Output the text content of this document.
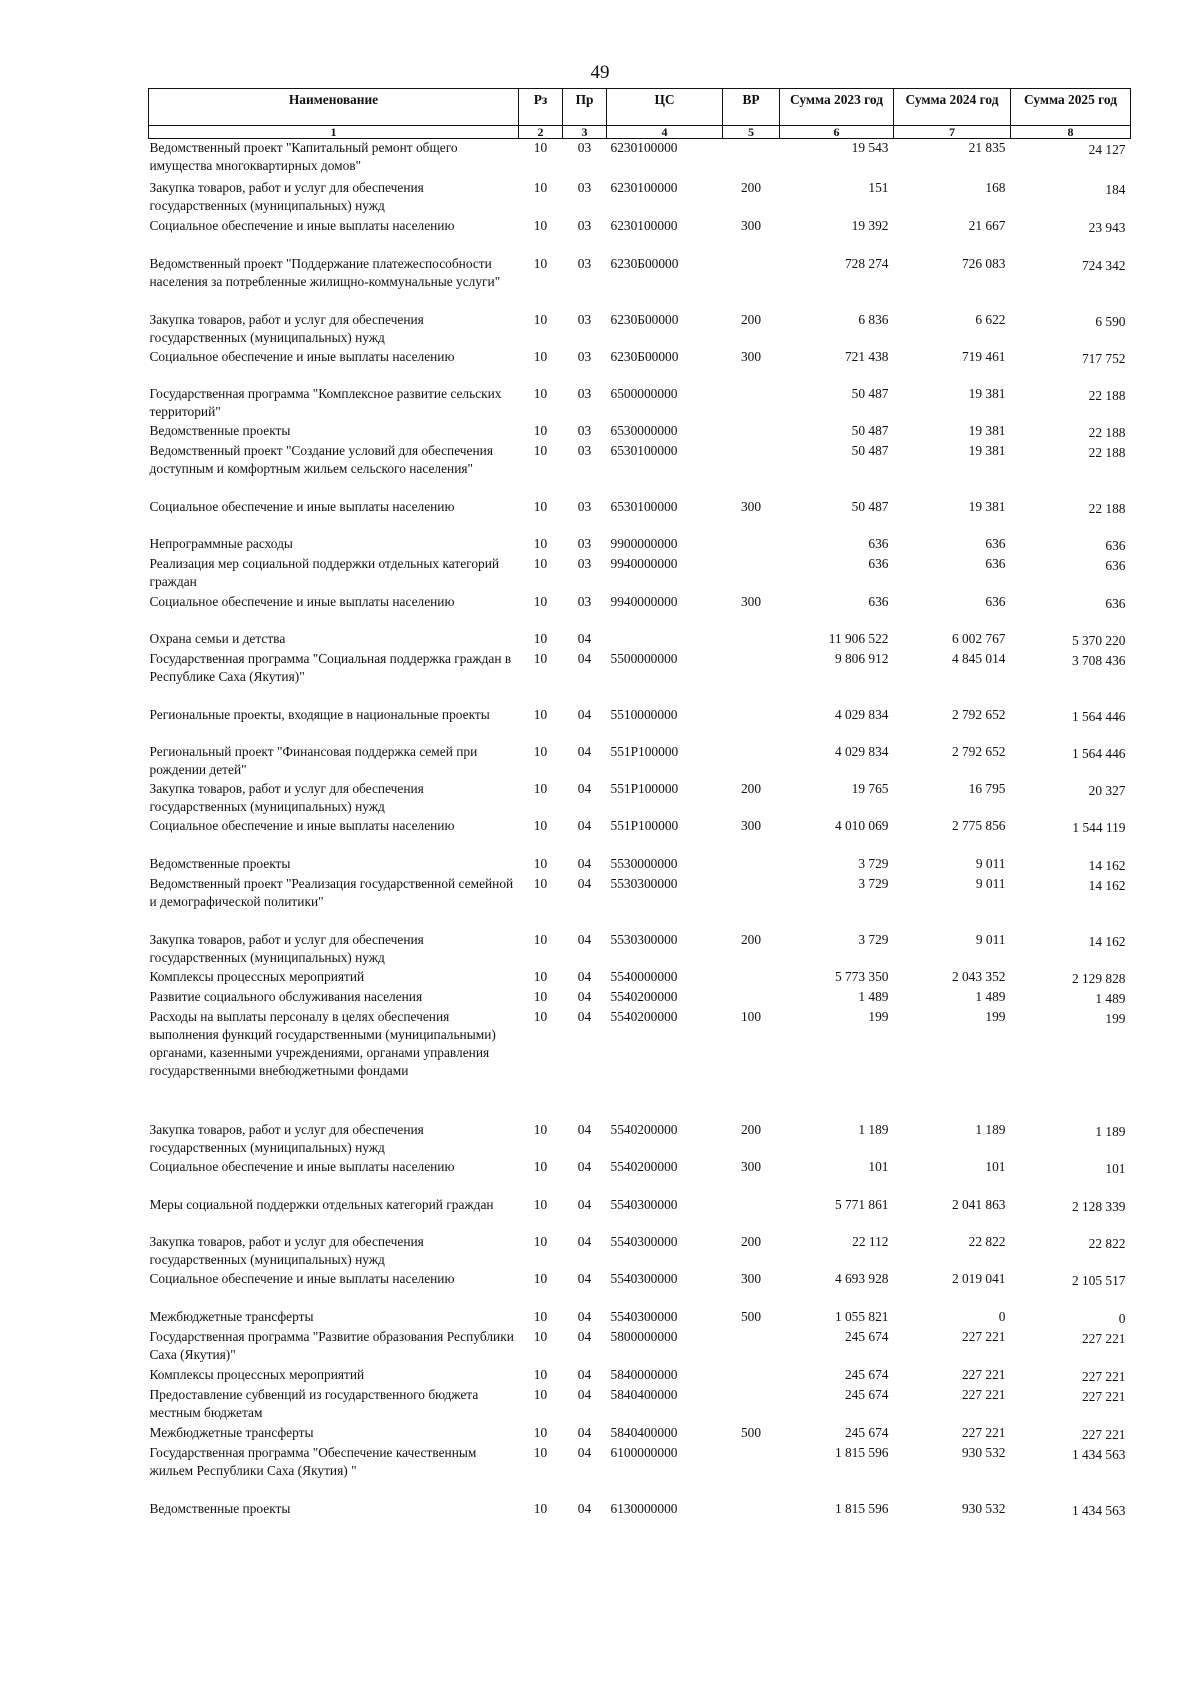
49
Наименование	Рз	Пр	ЦС	ВР	Сумма 2023 год	Сумма 2024 год	Сумма 2025 год
1	2	3	4	5	6	7	8
Ведомственный проект "Капитальный ремонт общего имущества многоквартирных домов"	10	03	6230100000		19 543	21 835	24 127
Закупка товаров, работ и услуг для обеспечения государственных (муниципальных) нужд	10	03	6230100000	200	151	168	184
Социальное обеспечение и иные выплаты населению	10	03	6230100000	300	19 392	21 667	23 943
Ведомственный проект "Поддержание платежеспособности населения за потребленные жилищно-коммунальные услуги"	10	03	6230Б00000		728 274	726 083	724 342
Закупка товаров, работ и услуг для обеспечения государственных (муниципальных) нужд	10	03	6230Б00000	200	6 836	6 622	6 590
Социальное обеспечение и иные выплаты населению	10	03	6230Б00000	300	721 438	719 461	717 752
Государственная программа "Комплексное развитие сельских территорий"	10	03	6500000000		50 487	19 381	22 188
Ведомственные проекты	10	03	6530000000		50 487	19 381	22 188
Ведомственный проект "Создание условий для обеспечения доступным и комфортным жильем сельского населения"	10	03	6530100000		50 487	19 381	22 188
Социальное обеспечение и иные выплаты населению	10	03	6530100000	300	50 487	19 381	22 188
Непрограммные расходы	10	03	9900000000		636	636	636
Реализация мер социальной поддержки отдельных категорий граждан	10	03	9940000000		636	636	636
Социальное обеспечение и иные выплаты населению	10	03	9940000000	300	636	636	636
Охрана семьи и детства	10	04			11 906 522	6 002 767	5 370 220
Государственная программа "Социальная поддержка граждан в Республике Саха (Якутия)"	10	04	5500000000		9 806 912	4 845 014	3 708 436
Региональные проекты, входящие в национальные проекты	10	04	5510000000		4 029 834	2 792 652	1 564 446
Региональный проект "Финансовая поддержка семей при рождении детей"	10	04	551P100000		4 029 834	2 792 652	1 564 446
Закупка товаров, работ и услуг для обеспечения государственных (муниципальных) нужд	10	04	551P100000	200	19 765	16 795	20 327
Социальное обеспечение и иные выплаты населению	10	04	551P100000	300	4 010 069	2 775 856	1 544 119
Ведомственные проекты	10	04	5530000000		3 729	9 011	14 162
Ведомственный проект "Реализация государственной семейной и демографической политики"	10	04	5530300000		3 729	9 011	14 162
Закупка товаров, работ и услуг для обеспечения государственных (муниципальных) нужд	10	04	5530300000	200	3 729	9 011	14 162
Комплексы процессных мероприятий	10	04	5540000000		5 773 350	2 043 352	2 129 828
Развитие социального обслуживания населения	10	04	5540200000		1 489	1 489	1 489
Расходы на выплаты персоналу в целях обеспечения выполнения функций государственными (муниципальными) органами, казенными учреждениями, органами управления государственными внебюджетными фондами	10	04	5540200000	100	199	199	199
Закупка товаров, работ и услуг для обеспечения государственных (муниципальных) нужд	10	04	5540200000	200	1 189	1 189	1 189
Социальное обеспечение и иные выплаты населению	10	04	5540200000	300	101	101	101
Меры социальной поддержки отдельных категорий граждан	10	04	5540300000		5 771 861	2 041 863	2 128 339
Закупка товаров, работ и услуг для обеспечения государственных (муниципальных) нужд	10	04	5540300000	200	22 112	22 822	22 822
Социальное обеспечение и иные выплаты населению	10	04	5540300000	300	4 693 928	2 019 041	2 105 517
Межбюджетные трансферты	10	04	5540300000	500	1 055 821	0	0
Государственная программа "Развитие образования Республики Саха (Якутия)"	10	04	5800000000		245 674	227 221	227 221
Комплексы процессных мероприятий	10	04	5840000000		245 674	227 221	227 221
Предоставление субвенций из государственного бюджета местным бюджетам	10	04	5840400000		245 674	227 221	227 221
Межбюджетные трансферты	10	04	5840400000	500	245 674	227 221	227 221
Государственная программа "Обеспечение качественным жильем Республики Саха (Якутия) "	10	04	6100000000		1 815 596	930 532	1 434 563
Ведомственные проекты	10	04	6130000000		1 815 596	930 532	1 434 563
